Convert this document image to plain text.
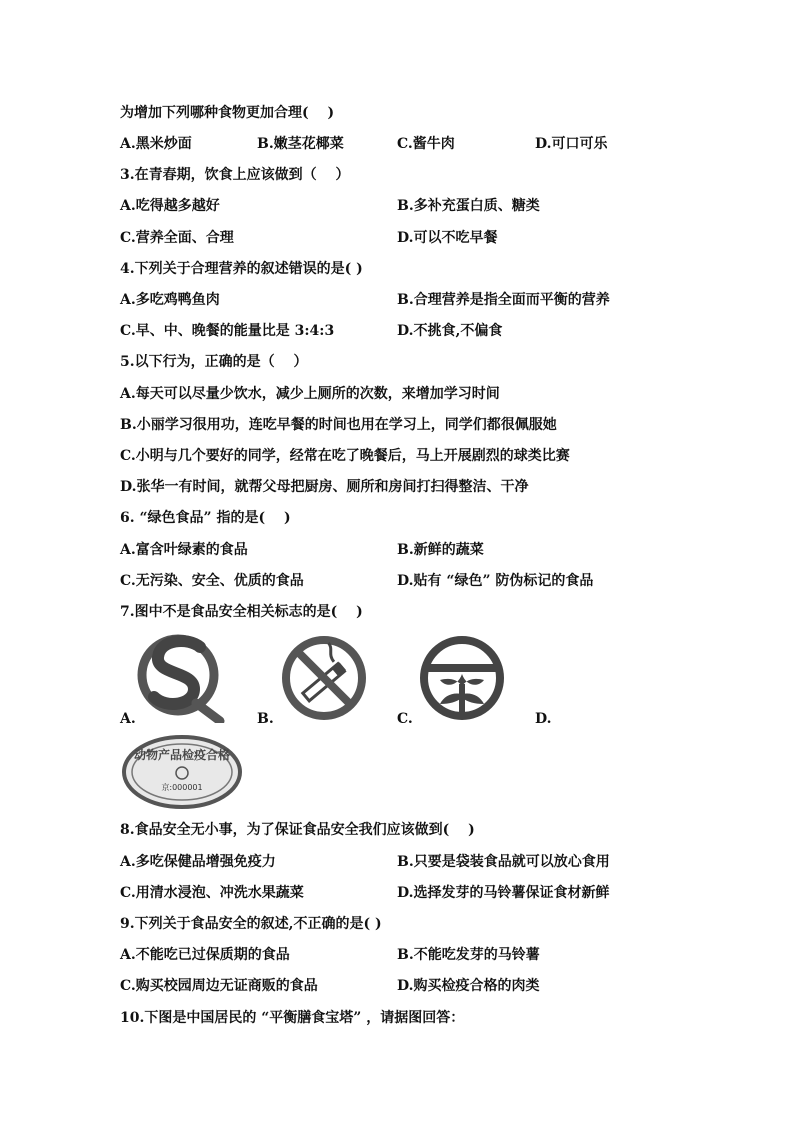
为增加下列哪种食物更加合理(　 )
A.黑米炒面	B.嫩茎花椰菜	C.酱牛肉	D.可口可乐
3.在青春期，饮食上应该做到（　 ）
A.吃得越多越好	B.多补充蛋白质、糖类
C.营养全面、合理	D.可以不吃早餐
4.下列关于合理营养的叙述错误的是( )
A.多吃鸡鸭鱼肉	B.合理营养是指全面而平衡的营养
C.早、中、晚餐的能量比是 3:4:3	D.不挑食,不偏食
5.以下行为，正确的是（　 ）
A.每天可以尽量少饮水，减少上厕所的次数，来增加学习时间
B.小丽学习很用功，连吃早餐的时间也用在学习上，同学们都很佩服她
C.小明与几个要好的同学，经常在吃了晚餐后，马上开展剧烈的球类比赛
D.张华一有时间，就帮父母把厨房、厕所和房间打扫得整洁、干净
6. “绿色食品” 指的是(　 )
A.富含叶绿素的食品	B.新鲜的蔬菜
C.无污染、安全、优质的食品	D.贴有 “绿色” 防伪标记的食品
7.图中不是食品安全相关标志的是(　 )
A.	B.	C.	D.
动物产品检疫合格
京:000001
8.食品安全无小事，为了保证食品安全我们应该做到(　 )
A.多吃保健品增强免疫力	B.只要是袋装食品就可以放心食用
C.用清水浸泡、冲洗水果蔬菜	D.选择发芽的马铃薯保证食材新鲜
9.下列关于食品安全的叙述,不正确的是( )
A.不能吃已过保质期的食品	B.不能吃发芽的马铃薯
C.购买校园周边无证商贩的食品	D.购买检疫合格的肉类
10.下图是中国居民的 “平衡膳食宝塔” ，请据图回答：
